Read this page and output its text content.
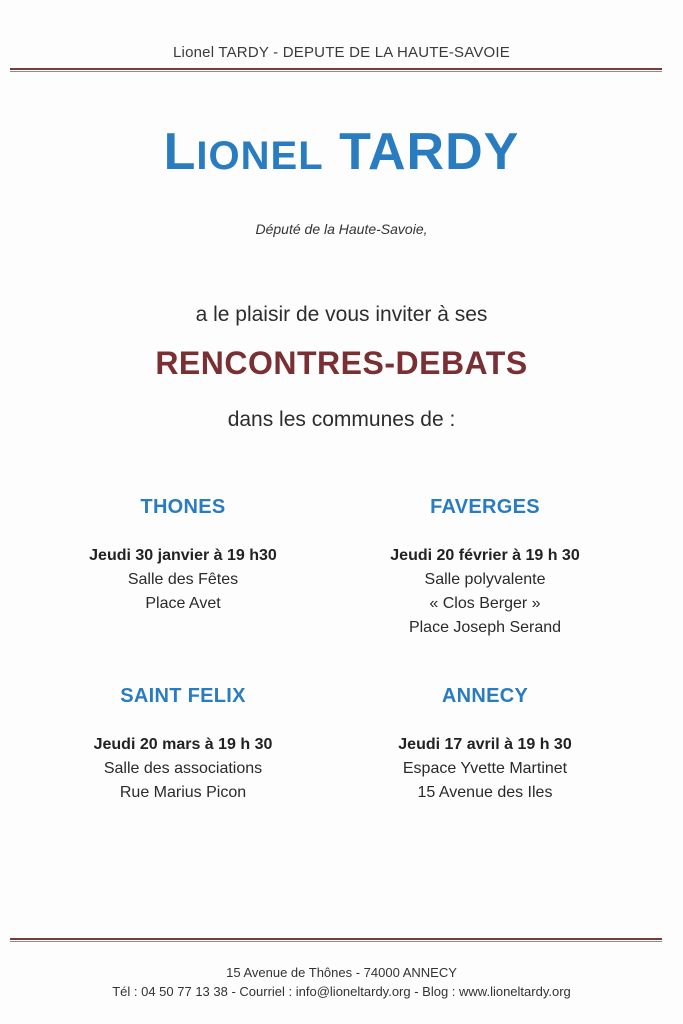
Lionel TARDY - DEPUTE DE LA HAUTE-SAVOIE
LIONEL TARDY
Député de la Haute-Savoie,
a le plaisir de vous inviter à ses
RENCONTRES-DEBATS
dans les communes de :
THONES
Jeudi 30 janvier à 19 h30
Salle des Fêtes
Place Avet
FAVERGES
Jeudi 20 février à 19 h 30
Salle polyvalente
« Clos Berger »
Place Joseph Serand
SAINT FELIX
Jeudi 20 mars à 19 h 30
Salle des associations
Rue Marius Picon
ANNECY
Jeudi 17 avril à 19 h 30
Espace Yvette Martinet
15 Avenue des Iles
15 Avenue de Thônes - 74000 ANNECY
Tél : 04 50 77 13 38 - Courriel : info@lioneltardy.org - Blog : www.lioneltardy.org
